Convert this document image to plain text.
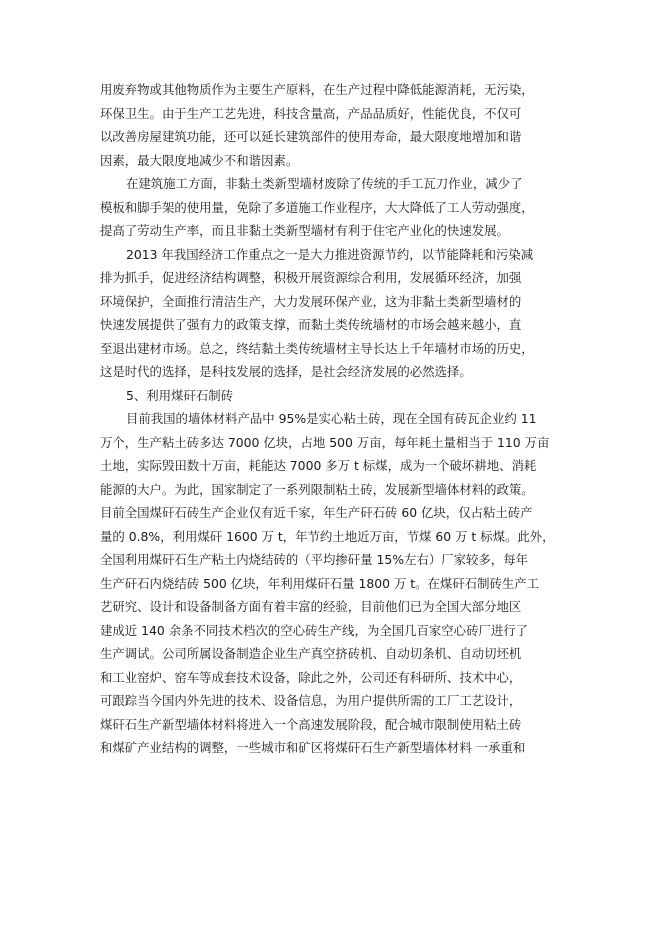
用废弃物或其他物质作为主要生产原料，在生产过程中降低能源消耗，无污染，
环保卫生。由于生产工艺先进，科技含量高，产品品质好，性能优良，不仅可
以改善房屋建筑功能，还可以延长建筑部件的使用寿命，最大限度地增加和谐
因素，最大限度地减少不和谐因素。
在建筑施工方面，非黏土类新型墙材废除了传统的手工瓦刀作业，减少了
模板和脚手架的使用量，免除了多道施工作业程序，大大降低了工人劳动强度，
提高了劳动生产率，而且非黏土类新型墙材有利于住宅产业化的快速发展。
2013 年我国经济工作重点之一是大力推进资源节约，以节能降耗和污染减
排为抓手，促进经济结构调整，积极开展资源综合利用，发展循环经济，加强
环境保护，全面推行清洁生产，大力发展环保产业，这为非黏土类新型墙材的
快速发展提供了强有力的政策支撑，而黏土类传统墙材的市场会越来越小，直
至退出建材市场。总之，终结黏土类传统墙材主导长达上千年墙材市场的历史，
这是时代的选择，是科技发展的选择，是社会经济发展的必然选择。
5、利用煤矸石制砖
目前我国的墙体材料产品中 95%是实心粘土砖，现在全国有砖瓦企业约 11
万个，生产粘土砖多达 7000 亿块，占地 500 万亩，每年耗土量相当于 110 万亩
土地，实际毁田数十万亩，耗能达 7000 多万 t 标煤，成为一个破坏耕地、消耗
能源的大户。为此，国家制定了一系列限制粘土砖，发展新型墙体材料的政策。
目前全国煤矸石砖生产企业仅有近千家，年生产矸石砖 60 亿块，仅占粘土砖产
量的 0.8%，利用煤矸 1600 万 t，年节约土地近万亩，节煤 60 万 t 标煤。此外，
全国利用煤矸石生产粘土内烧结砖的（平均掺矸量 15%左右）厂家较多，每年
生产矸石内烧结砖 500 亿块，年利用煤矸石量 1800 万 t。在煤矸石制砖生产工
艺研究、设计和设备制备方面有着丰富的经验，目前他们已为全国大部分地区
建成近 140 余条不同技术档次的空心砖生产线，为全国几百家空心砖厂进行了
生产调试。公司所属设备制造企业生产真空挤砖机、自动切条机、自动切坯机
和工业窑炉、窑车等成套技术设备，除此之外，公司还有科研所、技术中心，
可跟踪当今国内外先进的技术、设备信息，为用户提供所需的工厂工艺设计，
煤矸石生产新型墙体材料将进入一个高速发展阶段，配合城市限制使用粘土砖
和煤矿产业结构的调整，一些城市和矿区将煤矸石生产新型墙体材料 一承重和
